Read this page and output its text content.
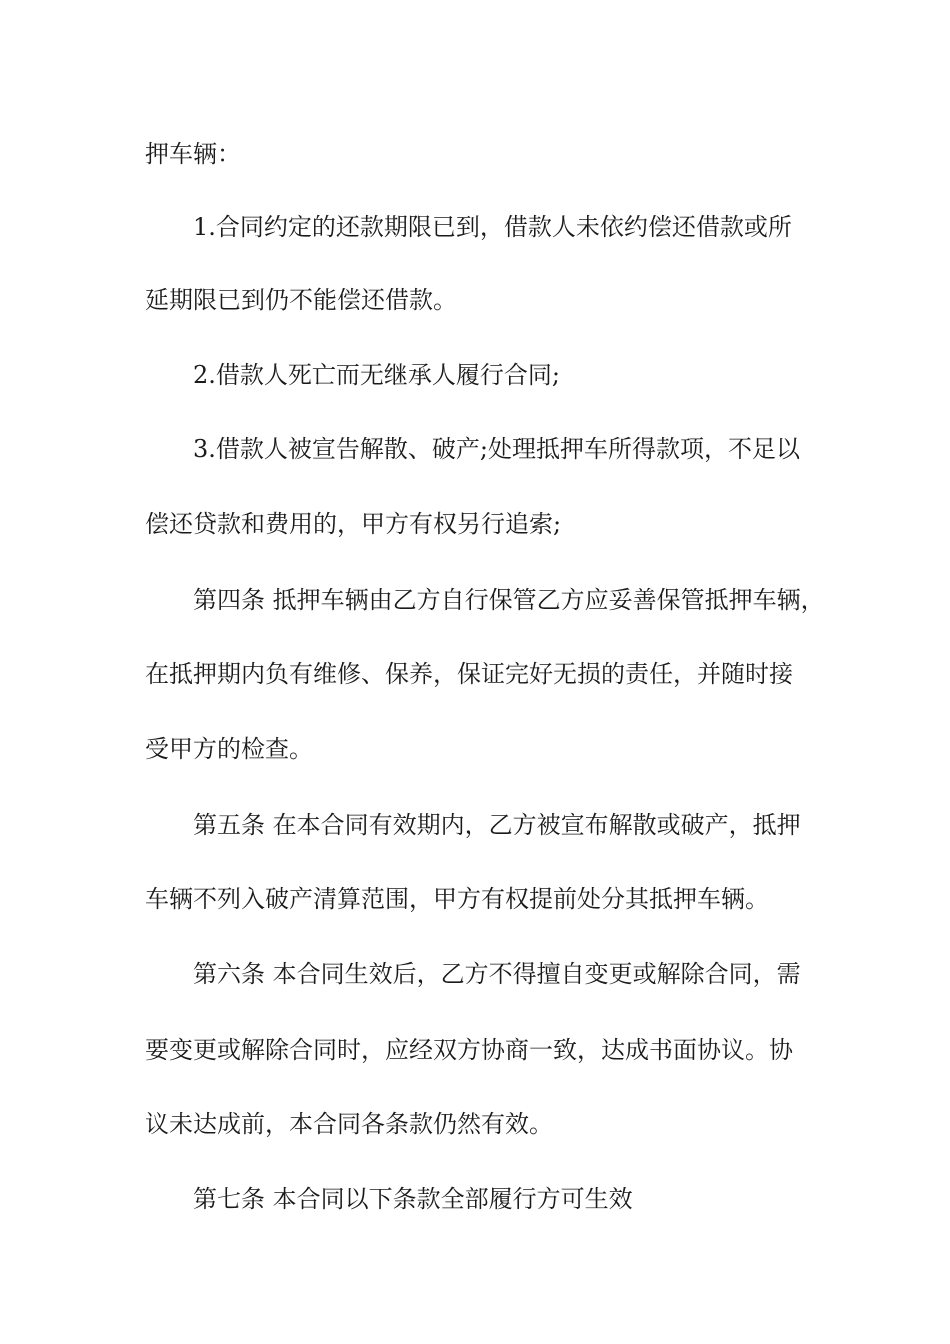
押车辆：
1.合同约定的还款期限已到，借款人未依约偿还借款或所
延期限已到仍不能偿还借款。
2.借款人死亡而无继承人履行合同;
3.借款人被宣告解散、破产;处理抵押车所得款项，不足以
偿还贷款和费用的，甲方有权另行追索;
第四条 抵押车辆由乙方自行保管乙方应妥善保管抵押车辆，
在抵押期内负有维修、保养，保证完好无损的责任，并随时接
受甲方的检查。
第五条 在本合同有效期内，乙方被宣布解散或破产，抵押
车辆不列入破产清算范围，甲方有权提前处分其抵押车辆。
第六条 本合同生效后，乙方不得擅自变更或解除合同，需
要变更或解除合同时，应经双方协商一致，达成书面协议。协
议未达成前，本合同各条款仍然有效。
第七条 本合同以下条款全部履行方可生效
